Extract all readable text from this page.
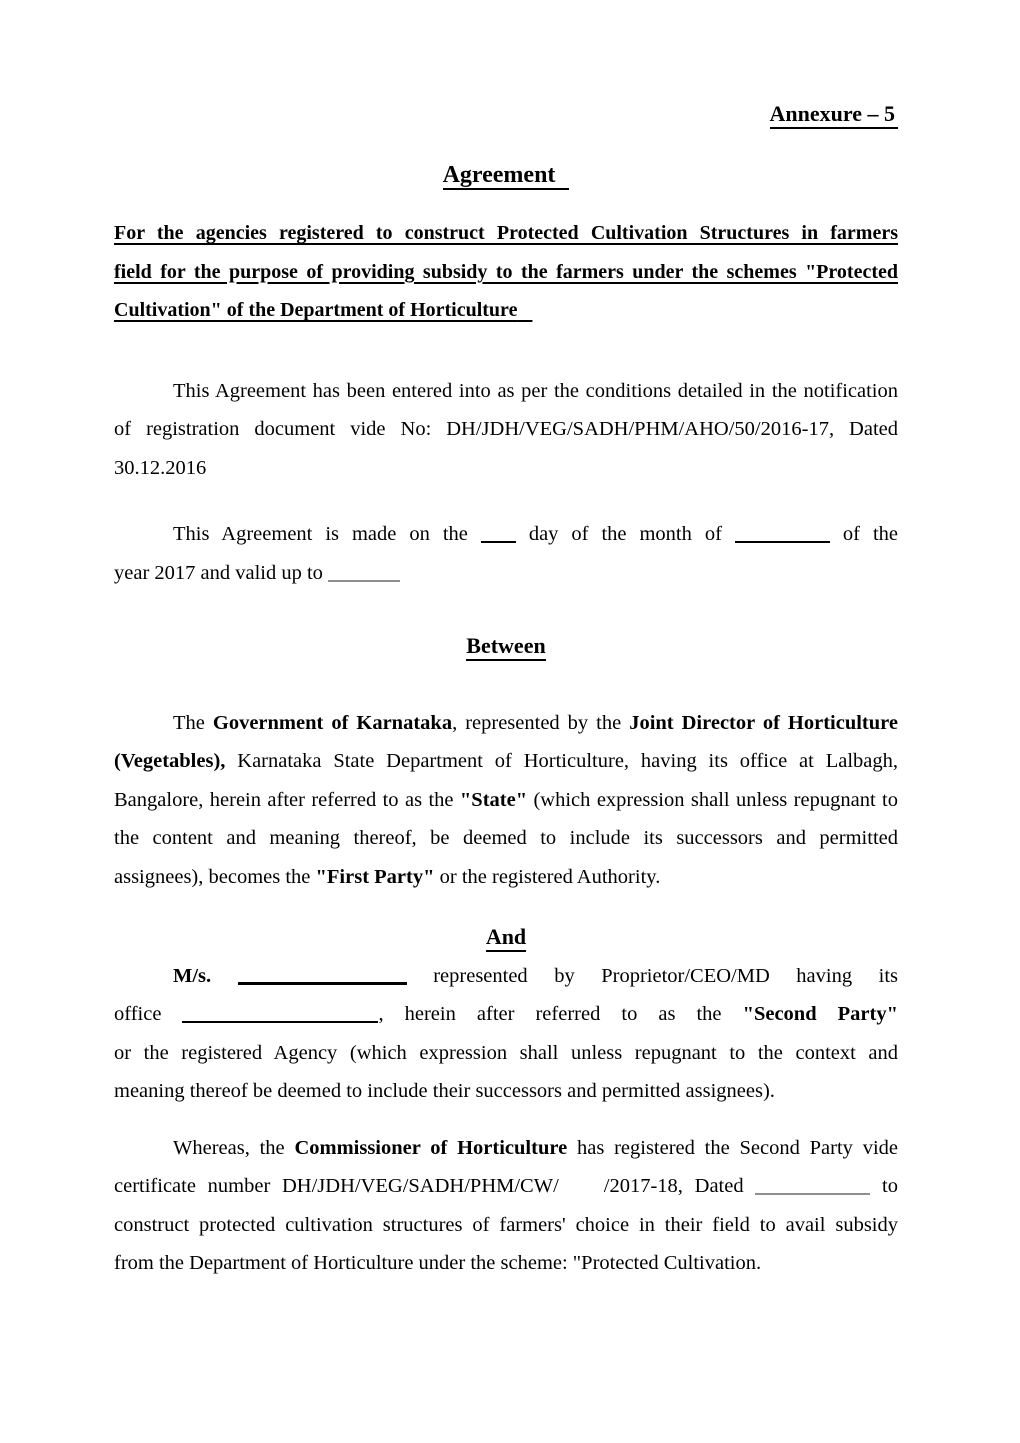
Annexure – 5
Agreement
For the agencies registered to construct Protected Cultivation Structures in farmers
field for the purpose of providing subsidy to the farmers under the schemes "Protected
Cultivation" of the Department of Horticulture
This Agreement has been entered into as per the conditions detailed in the notification
of registration document vide No: DH/JDH/VEG/SADH/PHM/AHO/50/2016-17, Dated
30.12.2016
This Agreement is made on the  day of the month of	of the
year 2017 and valid up to
Between
The Government of Karnataka, represented by the Joint Director of Horticulture
(Vegetables), Karnataka State Department of Horticulture, having its office at Lalbagh,
Bangalore, herein after referred to as the "State" (which expression shall unless repugnant to
the content and meaning thereof, be deemed to include its successors and permitted
assignees), becomes the "First Party" or the registered Authority.
And
M/s.	represented by Proprietor/CEO/MD having its
office	, herein after referred to as the "Second Party"
or the registered Agency (which expression shall unless repugnant to the context and
meaning thereof be deemed to include their successors and permitted assignees).
Whereas, the Commissioner of Horticulture has registered the Second Party vide
certificate number DH/JDH/VEG/SADH/PHM/CW/ /2017-18, Dated	to
construct protected cultivation structures of farmers' choice in their field to avail subsidy
from the Department of Horticulture under the scheme: "Protected Cultivation.
